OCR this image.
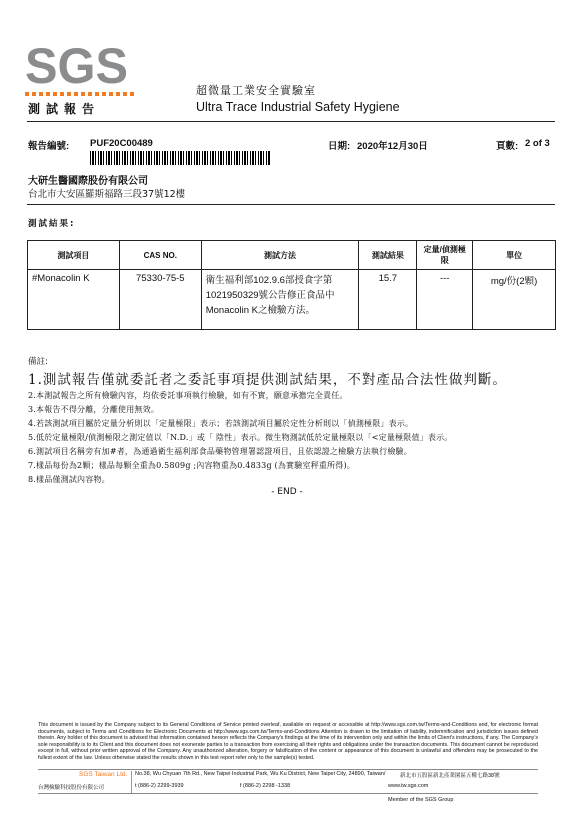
SGS	超微量工業安全實驗室
Ultra Trace Industrial Safety Hygiene
測試報告
報告編號: PUF20C00489	日期: 2020年12月30日	頁數: 2 of 3
大研生醫國際股份有限公司
台北市大安區羅斯福路三段37號12樓
測試結果:
測試項目	CAS NO.	測試方法	測試結果	定量/偵測極限	單位
#Monacolin K	75330-75-5	衛生福利部102.9.6部授食字第1021950329號公告修正食品中Monacolin K之檢驗方法。	15.7	---	mg/份(2顆)
備註:
1.測試報告僅就委託者之委託事項提供測試結果，不對產品合法性做判斷。
2.本測試報告之所有檢驗內容，均依委託事項執行檢驗，如有不實，願意承擔完全責任。
3.本報告不得分離，分離使用無效。
4.若該測試項目屬於定量分析則以「定量極限」表示；若該測試項目屬於定性分析則以「偵測極限」表示。
5.低於定量極限/偵測極限之測定值以「N.D.」或「 陰性」表示。微生物測試低於定量極限以「<定量極限值」表示。
6.測試項目名稱旁有加#者，為通過衛生福利部食品藥物管理署認證項目，且依認證之檢驗方法執行檢驗。
7.樣品每份為2顆；樣品每顆全重為0.5809g ;內容物重為0.4833g (為實驗室秤重所得)。
8.樣品僅測試內容物。
- END -
This document is issued by the Company subject to its General Conditions of Service printed overleaf, available on request or accessible at http://www.sgs.com.tw/Terms-and-Conditions and, for electronic format documents, subject to Terms and Conditions for Electronic Documents at http://www.sgs.com.tw/Terms-and-Conditions Attention is drawn to the limitation of liability, indemnification and jurisdiction issues defined therein. Any holder of this document is advised that information contained hereon reflects the Company's findings at the time of its intervention only and within the limits of Client's instructions, if any. The Company's sole responsibility is to its Client and this document does not exonerate parties to a transaction from exercising all their rights and obligations under the transaction documents. This document cannot be reproduced except in full, without prior written approval of the Company. Any unauthorized alteration, forgery or falsification of the content or appearance of this document is unlawful and offenders may be prosecuted to the fullest extent of the law. Unless otherwise stated the results shown in this test report refer only to the sample(s) tested.
SGS Taiwan Ltd.
台灣檢驗科技股份有限公司
No.38, Wu Chyuan 7th Rd., New Taipei Industrial Park, Wu Ku District, New Taipei City, 24890, Taiwan/	新北市五股區新北產業園區五權七路38號
t (886-2) 2299-3939	f (886-2) 2298 -1338	www.tw.sgs.com
Member of the SGS Group
